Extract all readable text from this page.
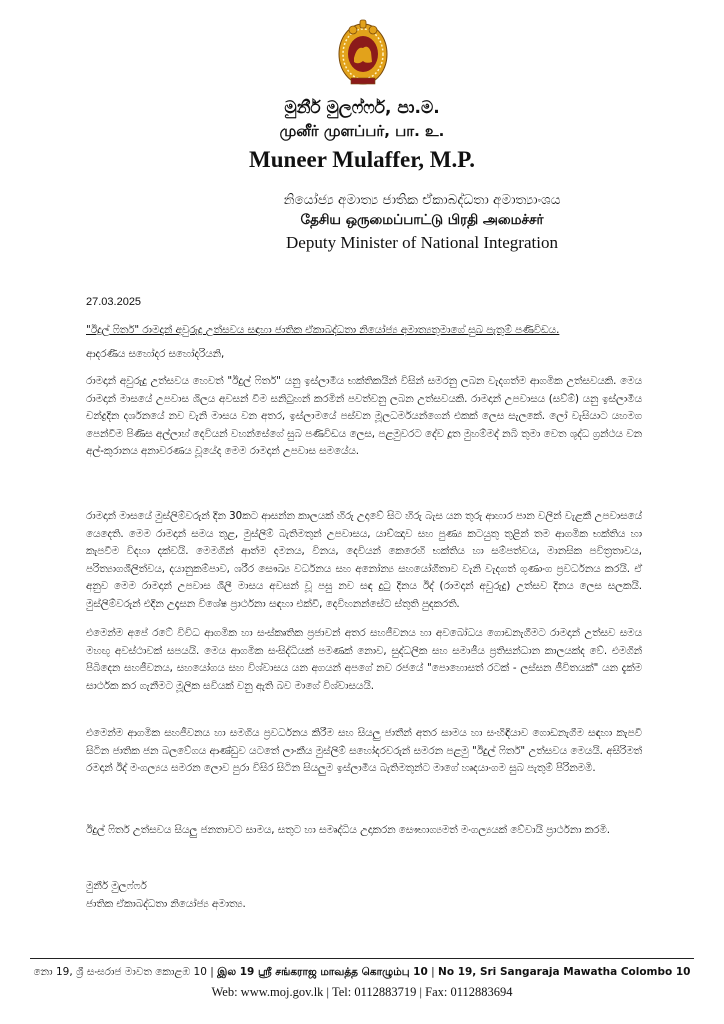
මුනීර් මුලෆ්ෆර්, පා.ම.
முனீர் முளப்பர், பா. உ.
Muneer Mulaffer, M.P.
නියෝජ්‍ය අමාත්‍ය ජාතික ඒකාබද්ධතා අමාත්‍යාංශය
தேசிய ஒருமைப்பாட்டு பிரதி அமைச்சர்
Deputy Minister of National Integration
27.03.2025
"ඊදුල් ෆිතර්" රාමදාන් අවුරුදු උත්සවය සඳහා ජාතික ඒකාබද්ධතා නියෝජ්‍ය අමාත්‍යතුමාගේ සුබ පැතුම් පණිවිඩය.
ආදරණීය සහෝදර සහෝදරියනි,
රාමදාන් අවුරුදු උත්සවය හෙවත් "ඊදුල් ෆිතර්" යනු ඉස්ලාමීය භක්තිකයින් විසින් සමරනු ලබන වැදගත්ම ආගමික උත්සවයකි. මෙය රාමදාන් මාසයේ උපවාස ශිලය අවසන් වීම සනිටුහන් කරමින් පවත්වනු ලබන උත්සවයකි. රාමදාන් උපවාසය (සව්ම්) යනු ඉස්ලාමීය චන්ද්‍රදින දර්ශනයේ නව වැනි මාසය වන අතර, ඉස්ලාමයේ පස්වන මූලධර්මයන්ගෙන් එකක් ලෙස සැලකේ. ලෝ වැසියාට යහමග පෙන්වීම පිණිස අල්ලාහ් දෙවියන් වහන්සේගේ සුබ පණිවිඩය ලෙස, පළමුවරට දේව දූත මුහම්මද් නබි තුමා වෙත ශුද්ධ ග්‍රන්ථය වන අල්-කුරානය අනාවරණය වූයේද මෙම රාමදාන් උපවාස සමයේය.
රාමදාන් මාසයේ මුස්ලිම්වරුන් දින 30කට ආසන්න කාලයක් හිරු උදාවේ සිට හිරු බැස යන තුරු ආහාර පාන වලින් වැළකී උපවාසයේ යෙදෙති. මෙම රාමදාන් සමය තුළ, මුස්ලිම් බැතිමතුන් උපවාසය, යාච්ඤාව සහ පුණ්‍ය කටයුතු තුළින් තම ආගමික භක්තිය හා කැපවීම විදහා දක්වයි. මෙමගින් ආත්ම දමනය, විනය, දෙවියන් කෙරෙහි භක්තිය හා සම්පත්වය, මානසික පවිත්‍රතාවය, පරිත්‍යාගශීලිත්වය, දයානුකම්පාව, ශරීර සෞඛ්‍ය වර්ධනය සහ අනෝන්‍ය සහයෝගීතාව වැනි වැදගත් ගුණාංග ප්‍රවර්ධනය කරයි. ඒ අනුව මෙම රාමදාන් උපවාස ශීලී මාසය අවසන් වූ පසු නව සඳ දුටු දිනය ඊද් (රාමදාන් අවුරුදු) උත්සව දිනය ලෙස සලකයි. මුස්ලිම්වරුන් එදින උදෑසන විශේෂ ප්‍රාර්ථනා සඳහා එක්වී, දෙවිහනන්සේට ස්තුති පුදකරති.
එමෙන්ම අපේ රටේ විවිධ ආගමික හා සංස්කෘතික ප්‍රජාවන් අතර සහජීවනය හා අවබෝධය ගොඩනැගීමට රාමදාන් උත්සව සමය මහඟු අවස්ථාවක් සපයයි. මෙය ආගමික සංසිද්ධියක් පමණක් නොව, සුද්ධලික සහ සමාජීය ප්‍රතිසන්ධාන කාලයක්ද වේ. එමගින් පිබිදෙන සහජීවනය, සහයෝගය සහ විශ්වාසය යන අගයන් අපගේ නව රජයේ "පොහොසත් රටක් - ලස්සන ජීවිතයක්" යන දැක්ම සාර්ථක කර ගැනීමට මූලික සවියක් වනු ඇති බව මාගේ විශ්වාසයයි.
එමෙන්ම ආගමික සහජීවනය හා සමගිය ප්‍රවර්ධනය කිරීම සහ සියලු ජාතීන් අතර සාමය හා සංහිඳියාව ගොඩනැගීම සඳහා කැපවී සිටින ජාතික ජන බලවේගය ආණ්ඩුව යටතේ ලාංකීය මුස්ලිම් සහෝදරවරුන් සමරන පළමු "ඊදුල් ෆිතර්" උත්සවය මෙයයි. අසිරිමත් රමදාන් ඊද් මංගල්‍යය සමරන ලොව පුරා විසිර සිටින සියලුම ඉස්ලාමීය බැතිමතුන්ට මාගේ හෘදයාංගම සුබ පැතුම් පිරිනමමි.
ඊදුල් ෆිතර් උත්සවය සියලු ජනතාවට සාමය, සතුට හා සමෘද්ධිය උදාකරන සෞභාග්‍යමත් මංගල්‍යයක් වේවායි ප්‍රාර්ථනා කරමි.
මුනීර් මුලෆ්ෆර්
ජාතික ඒකාබද්ධතා නියෝජ්‍ය අමාත්‍ය.
නො 19, ශ්‍රී සංඝරාජ මාවත කොළඹ 10 | இல 19 ஸ்ரீ சங்கராஜ மாவத்த கொழும்பு 10 | No 19, Sri Sangaraja Mawatha Colombo 10
Web: www.moj.gov.lk | Tel: 0112883719 | Fax: 0112883694
